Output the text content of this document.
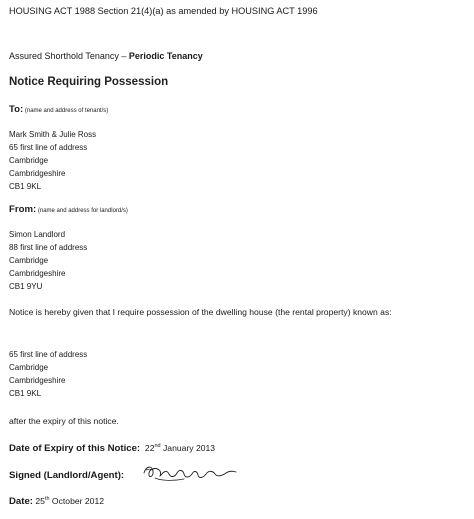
HOUSING ACT 1988 Section 21(4)(a) as amended by HOUSING ACT 1996
Assured Shorthold Tenancy – Periodic Tenancy
Notice Requiring Possession
To: (name and address of tenant/s)
Mark Smith & Julie Ross
65 first line of address
Cambridge
Cambridgeshire
CB1 9KL
From: (name and address for landlord/s)
Simon Landlord
88 first line of address
Cambridge
Cambridgeshire
CB1 9YU
Notice is hereby given that I require possession of the dwelling house (the rental property) known as:
65 first line of address
Cambridge
Cambridgeshire
CB1 9KL
after the expiry of this notice.
Date of Expiry of this Notice: 22nd January 2013
Signed (Landlord/Agent):
Date: 25th October 2012
